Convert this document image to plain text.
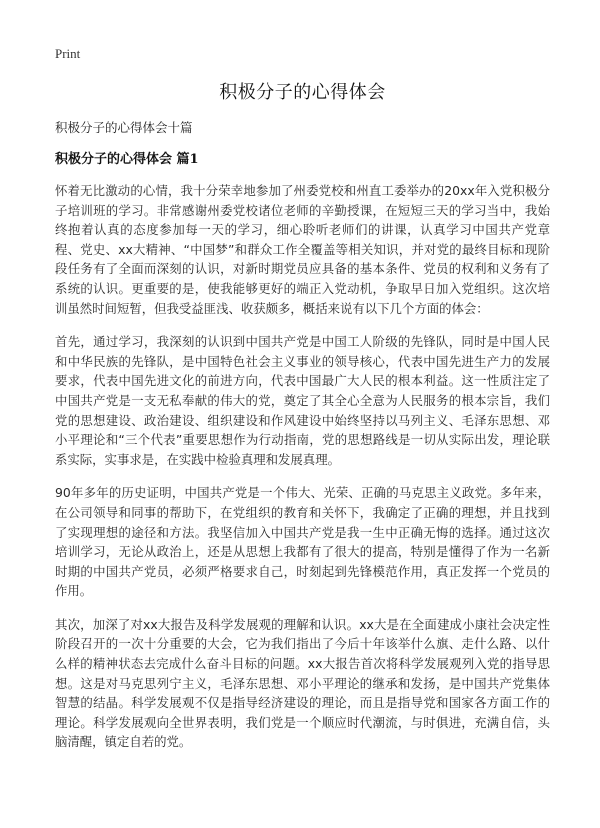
Print
积极分子的心得体会

积极分子的心得体会十篇

积极分子的心得体会 篇1

怀着无比激动的心情，我十分荣幸地参加了州委党校和州直工委举办的20xx年入党积极分子培训班的学习。非常感谢州委党校诸位老师的辛勤授课，在短短三天的学习当中，我始终抱着认真的态度参加每一天的学习，细心聆听老师们的讲课，认真学习中国共产党章程、党史、xx大精神、“中国梦”和群众工作全覆盖等相关知识，并对党的最终目标和现阶段任务有了全面而深刻的认识，对新时期党员应具备的基本条件、党员的权利和义务有了系统的认识。更重要的是，使我能够更好的端正入党动机，争取早日加入党组织。这次培训虽然时间短暂，但我受益匪浅、收获颇多，概括来说有以下几个方面的体会：

首先，通过学习，我深刻的认识到中国共产党是中国工人阶级的先锋队，同时是中国人民和中华民族的先锋队，是中国特色社会主义事业的领导核心，代表中国先进生产力的发展要求，代表中国先进文化的前进方向，代表中国最广大人民的根本利益。这一性质注定了中国共产党是一支无私奉献的伟大的党，奠定了其全心全意为人民服务的根本宗旨，我们党的思想建设、政治建设、组织建设和作风建设中始终坚持以马列主义、毛泽东思想、邓小平理论和“三个代表”重要思想作为行动指南，党的思想路线是一切从实际出发，理论联系实际，实事求是，在实践中检验真理和发展真理。

90年多年的历史证明，中国共产党是一个伟大、光荣、正确的马克思主义政党。多年来，在公司领导和同事的帮助下，在党组织的教育和关怀下，我确定了正确的理想，并且找到了实现理想的途径和方法。我坚信加入中国共产党是我一生中正确无悔的选择。通过这次培训学习，无论从政治上，还是从思想上我都有了很大的提高，特别是懂得了作为一名新时期的中国共产党员，必须严格要求自己，时刻起到先锋模范作用，真正发挥一个党员的作用。

其次，加深了对xx大报告及科学发展观的理解和认识。xx大是在全面建成小康社会决定性阶段召开的一次十分重要的大会，它为我们指出了今后十年该举什么旗、走什么路、以什么样的精神状态去完成什么奋斗目标的问题。xx大报告首次将科学发展观列入党的指导思想。这是对马克思列宁主义，毛泽东思想、邓小平理论的继承和发扬，是中国共产党集体智慧的结晶。科学发展观不仅是指导经济建设的理论，而且是指导党和国家各方面工作的理论。科学发展观向全世界表明，我们党是一个顺应时代潮流，与时俱进，充满自信，头脑清醒，镇定自若的党。
